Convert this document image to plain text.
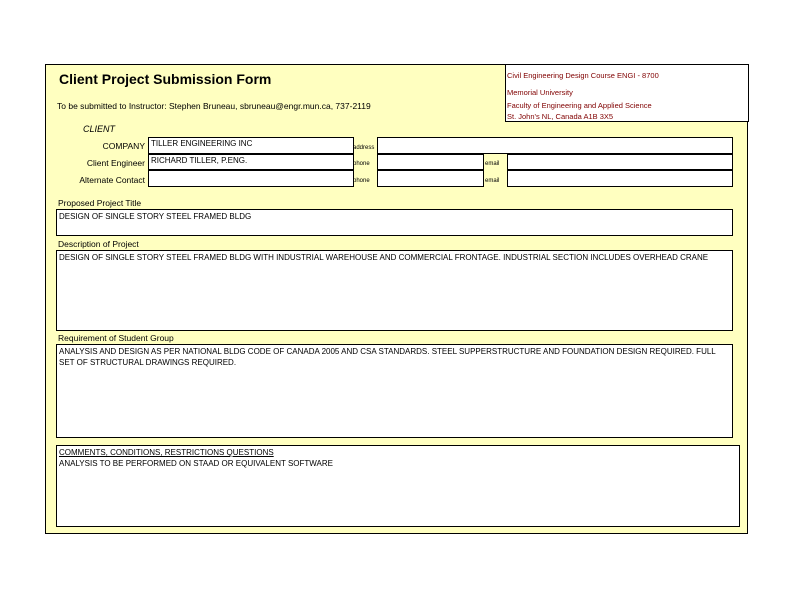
Client Project Submission Form
To be submitted to Instructor: Stephen Bruneau, sbruneau@engr.mun.ca, 737-2119
Civil Engineering Design Course ENGI - 8700
Memorial University
Faculty of Engineering and Applied Science
St. John's NL, Canada A1B 3X5
CLIENT
COMPANY TILLER ENGINEERING INC	address
Client Engineer RICHARD TILLER, P.ENG.	phone	email
Alternate Contact	phone	email
Proposed Project Title
DESIGN OF SINGLE STORY STEEL FRAMED BLDG
Description of Project
DESIGN OF SINGLE STORY STEEL FRAMED BLDG WITH INDUSTRIAL WAREHOUSE AND COMMERCIAL FRONTAGE. INDUSTRIAL SECTION INCLUDES OVERHEAD CRANE
Requirement of Student Group
ANALYSIS AND DESIGN AS PER NATIONAL BLDG CODE OF CANADA 2005 AND CSA STANDARDS. STEEL SUPPERSTRUCTURE AND FOUNDATION DESIGN REQUIRED. FULL SET OF STRUCTURAL DRAWINGS REQUIRED.
COMMENTS, CONDITIONS, RESTRICTIONS QUESTIONS
ANALYSIS TO BE PERFORMED ON STAAD OR EQUIVALENT SOFTWARE
